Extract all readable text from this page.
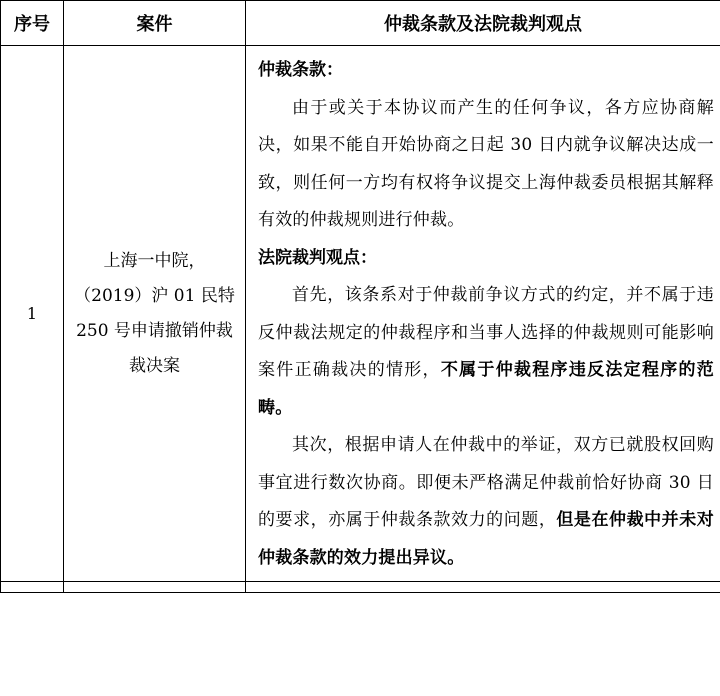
序号	案件	仲裁条款及法院裁判观点
1	上海一中院，（2019）沪 01 民特 250 号申请撤销仲裁裁决案	仲裁条款：
由于或关于本协议而产生的任何争议，各方应协商解决，如果不能自开始协商之日起 30 日内就争议解决达成一致，则任何一方均有权将争议提交上海仲裁委员根据其解释有效的仲裁规则进行仲裁。
法院裁判观点：
首先，该条系对于仲裁前争议方式的约定，并不属于违反仲裁法规定的仲裁程序和当事人选择的仲裁规则可能影响案件正确裁决的情形，不属于仲裁程序违反法定程序的范畴。
其次，根据申请人在仲裁中的举证，双方已就股权回购事宜进行数次协商。即便未严格满足仲裁前恰好协商 30 日的要求，亦属于仲裁条款效力的问题，但是在仲裁中并未对仲裁条款的效力提出异议。
